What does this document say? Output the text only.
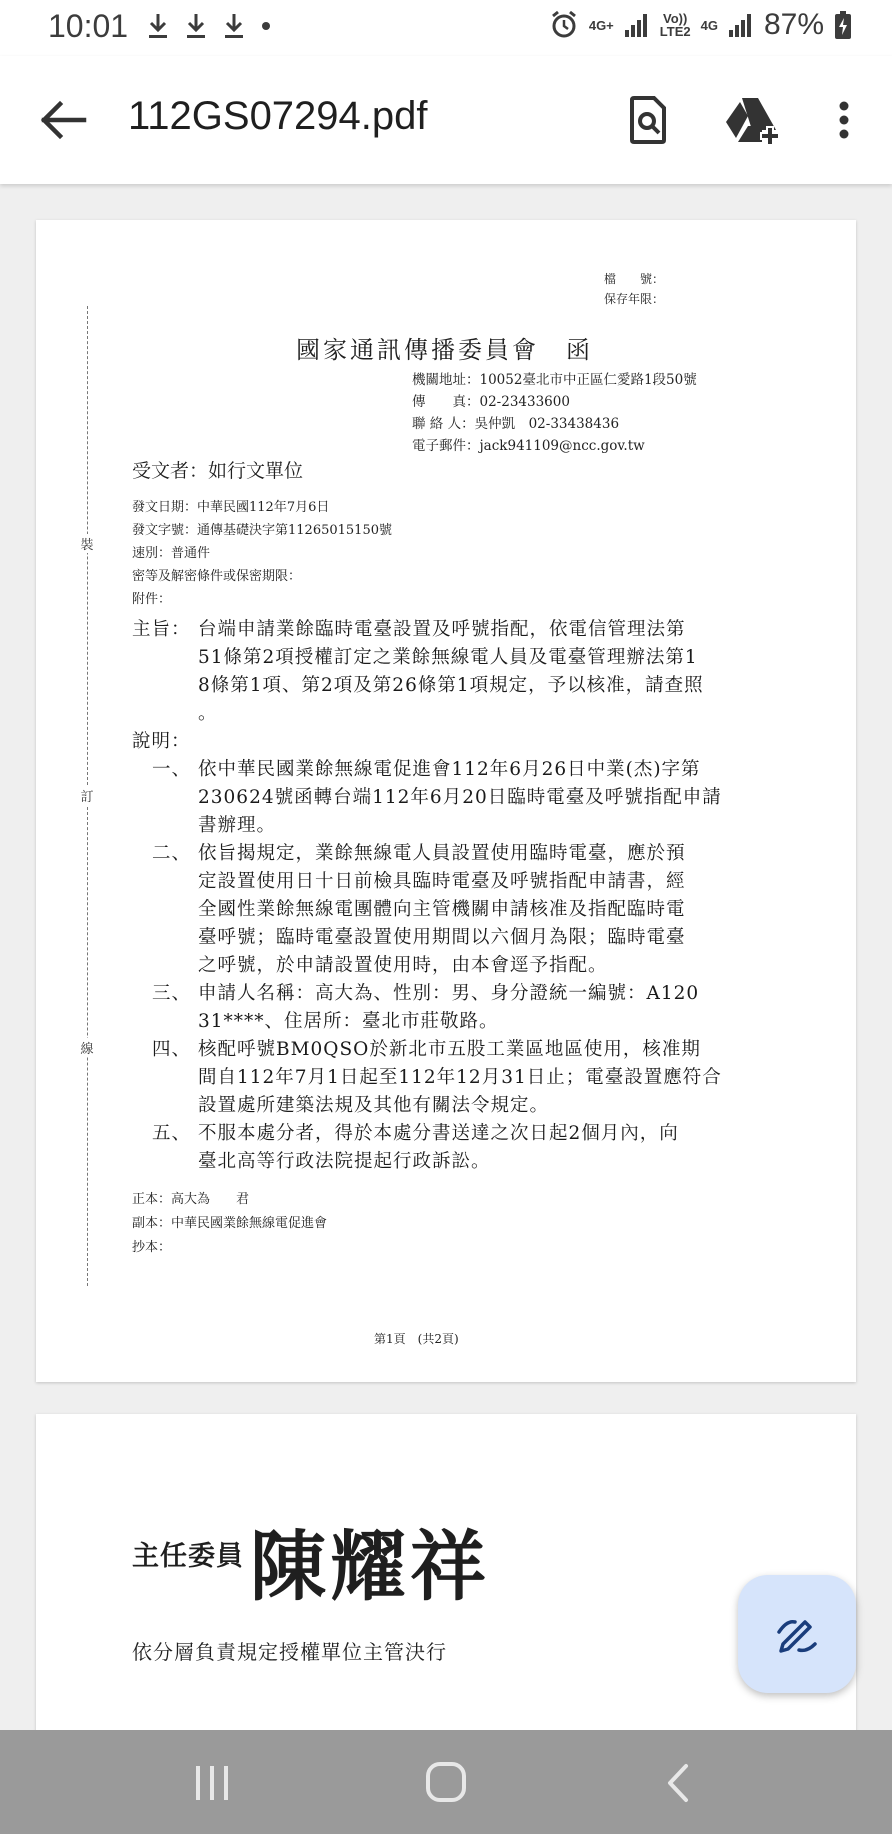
10:01	4G+	Vo))
LTE2 4G 87%
112GS07294.pdf
檔　　號：
保存年限：
裝
訂
線
國家通訊傳播委員會　函
機關地址：10052臺北市中正區仁愛路1段50號
傳　　真：02-23433600
聯 絡 人：吳仲凱　02-33438436
電子郵件：jack941109@ncc.gov.tw
受文者：如行文單位
發文日期：中華民國112年7月6日
發文字號：通傳基礎決字第11265015150號
速別：普通件
密等及解密條件或保密期限：
附件：
主旨： 台端申請業餘臨時電臺設置及呼號指配，依電信管理法第
51條第2項授權訂定之業餘無線電人員及電臺管理辦法第1
8條第1項、第2項及第26條第1項規定，予以核准，請查照
。
說明：
一、 依中華民國業餘無線電促進會112年6月26日中業(杰)字第
230624號函轉台端112年6月20日臨時電臺及呼號指配申請
書辦理。
二、 依旨揭規定，業餘無線電人員設置使用臨時電臺，應於預
定設置使用日十日前檢具臨時電臺及呼號指配申請書，經
全國性業餘無線電團體向主管機關申請核准及指配臨時電
臺呼號；臨時電臺設置使用期間以六個月為限；臨時電臺
之呼號，於申請設置使用時，由本會逕予指配。
三、 申請人名稱：高大為、性別：男、身分證統一編號：A120
31****、住居所：臺北市莊敬路。
四、 核配呼號BM0QSO於新北市五股工業區地區使用，核准期
間自112年7月1日起至112年12月31日止；電臺設置應符合
設置處所建築法規及其他有關法令規定。
五、 不服本處分者，得於本處分書送達之次日起2個月內，向
臺北高等行政法院提起行政訴訟。
正本：高大為　　君
副本：中華民國業餘無線電促進會
抄本：
第1頁　(共2頁)
主任委員 陳耀祥
依分層負責規定授權單位主管決行
